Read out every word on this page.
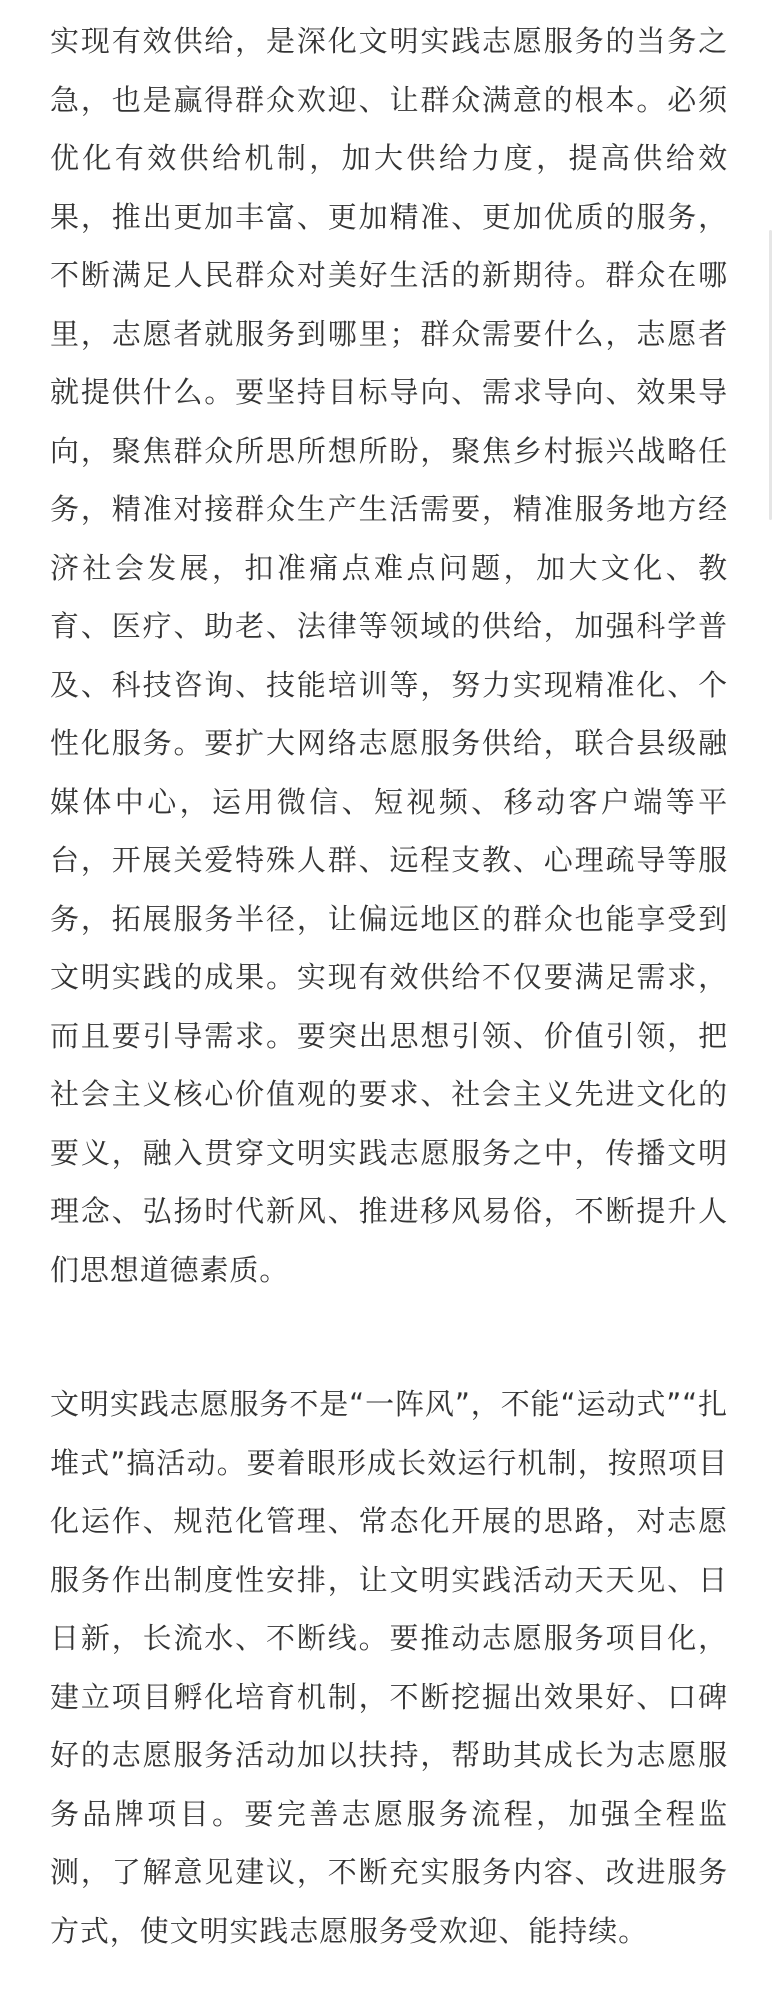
实现有效供给，是深化文明实践志愿服务的当务之急，也是赢得群众欢迎、让群众满意的根本。必须优化有效供给机制，加大供给力度，提高供给效果，推出更加丰富、更加精准、更加优质的服务，不断满足人民群众对美好生活的新期待。群众在哪里，志愿者就服务到哪里；群众需要什么，志愿者就提供什么。要坚持目标导向、需求导向、效果导向，聚焦群众所思所想所盼，聚焦乡村振兴战略任务，精准对接群众生产生活需要，精准服务地方经济社会发展，扣准痛点难点问题，加大文化、教育、医疗、助老、法律等领域的供给，加强科学普及、科技咨询、技能培训等，努力实现精准化、个性化服务。要扩大网络志愿服务供给，联合县级融媒体中心，运用微信、短视频、移动客户端等平台，开展关爱特殊人群、远程支教、心理疏导等服务，拓展服务半径，让偏远地区的群众也能享受到文明实践的成果。实现有效供给不仅要满足需求，而且要引导需求。要突出思想引领、价值引领，把社会主义核心价值观的要求、社会主义先进文化的要义，融入贯穿文明实践志愿服务之中，传播文明理念、弘扬时代新风、推进移风易俗，不断提升人们思想道德素质。

文明实践志愿服务不是“一阵风”，不能“运动式”“扎堆式”搞活动。要着眼形成长效运行机制，按照项目化运作、规范化管理、常态化开展的思路，对志愿服务作出制度性安排，让文明实践活动天天见、日日新，长流水、不断线。要推动志愿服务项目化，建立项目孵化培育机制，不断挖掘出效果好、口碑好的志愿服务活动加以扶持，帮助其成长为志愿服务品牌项目。要完善志愿服务流程，加强全程监测，了解意见建议，不断充实服务内容、改进服务方式，使文明实践志愿服务受欢迎、能持续。
